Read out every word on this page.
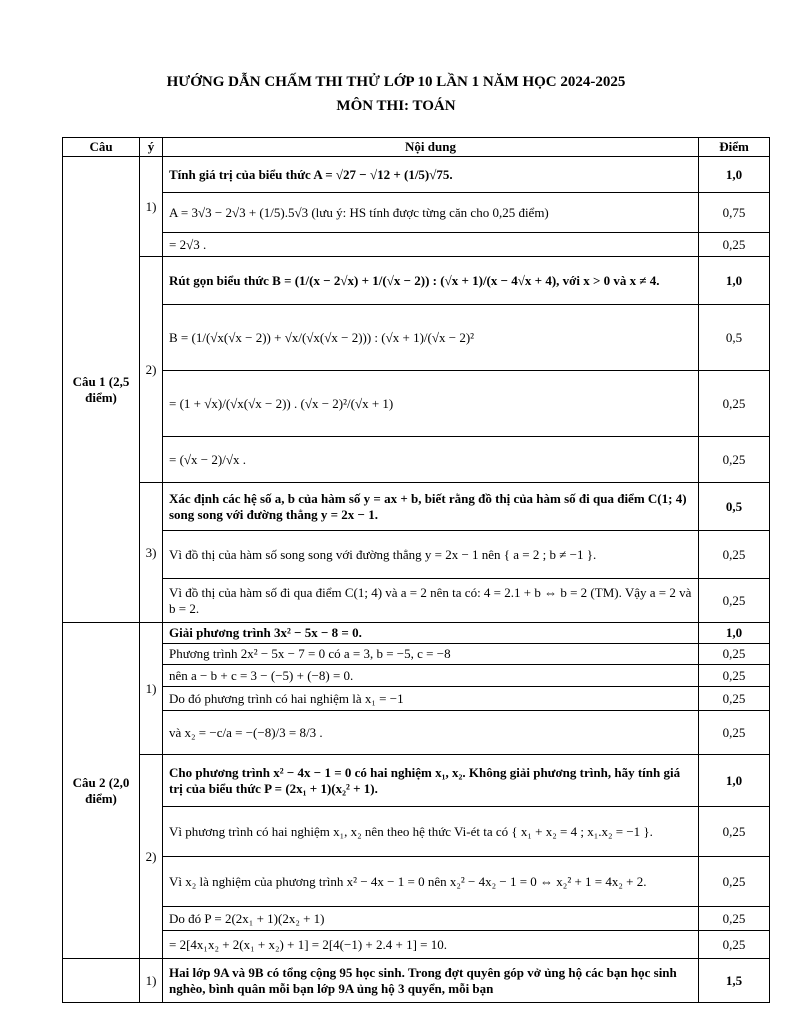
HƯỚNG DẪN CHẤM THI THỬ LỚP 10 LẦN 1 NĂM HỌC 2024-2025
MÔN THI: TOÁN
Câu	ý	Nội dung	Điểm

Câu 1 (2,5 điểm)	1)	Tính giá trị của biểu thức A = √27 − √12 + (1/5)√75.	1,0
		A = 3√3 − 2√3 + (1/5).5√3 (lưu ý: HS tính được từng căn cho 0,25 điểm)	0,75
		= 2√3 .	0,25
	2)	Rút gọn biểu thức B = (1/(x − 2√x) + 1/(√x − 2)) : (√x + 1)/(x − 4√x + 4), với x > 0 và x ≠ 4.	1,0
		B = (1/(√x(√x − 2)) + √x/(√x(√x − 2))) : (√x + 1)/(√x − 2)²	0,5
		= (1 + √x)/(√x(√x − 2)) . (√x − 2)²/(√x + 1)	0,25
		= (√x − 2)/√x .	0,25
	3)	Xác định các hệ số a, b của hàm số y = ax + b, biết rằng đồ thị của hàm số đi qua điểm C(1; 4) song song với đường thẳng y = 2x − 1.	0,5
		Vì đồ thị của hàm số song song với đường thẳng y = 2x − 1 nên { a = 2 ; b ≠ −1 }.	0,25
		Vì đồ thị của hàm số đi qua điểm C(1; 4) và a = 2 nên ta có: 4 = 2.1 + b ⇔ b = 2 (TM). Vậy a = 2 và b = 2.	0,25

Câu 2 (2,0 điểm)	1)	Giải phương trình 3x² − 5x − 8 = 0.	1,0
		Phương trình 2x² − 5x − 7 = 0 có a = 3, b = −5, c = −8	0,25
		nên a − b + c = 3 − (−5) + (−8) = 0.	0,25
		Do đó phương trình có hai nghiệm là x₁ = −1	0,25
		và x₂ = −c/a = −(−8)/3 = 8/3 .	0,25
	2)	Cho phương trình x² − 4x − 1 = 0 có hai nghiệm x₁, x₂. Không giải phương trình, hãy tính giá trị của biểu thức P = (2x₁ + 1)(x₂² + 1).	1,0
		Vì phương trình có hai nghiệm x₁, x₂ nên theo hệ thức Vi-ét ta có { x₁ + x₂ = 4 ; x₁.x₂ = −1 }.	0,25
		Vì x₂ là nghiệm của phương trình x² − 4x − 1 = 0 nên x₂² − 4x₂ − 1 = 0 ⇔ x₂² + 1 = 4x₂ + 2.	0,25
		Do đó P = 2(2x₁ + 1)(2x₂ + 1)	0,25
		= 2[4x₁x₂ + 2(x₁ + x₂) + 1] = 2[4(−1) + 2.4 + 1] = 10.	0,25

	1)	Hai lớp 9A và 9B có tổng cộng 95 học sinh. Trong đợt quyên góp vở ủng hộ các bạn học sinh nghèo, bình quân mỗi bạn lớp 9A ủng hộ 3 quyển, mỗi bạn	1,5
